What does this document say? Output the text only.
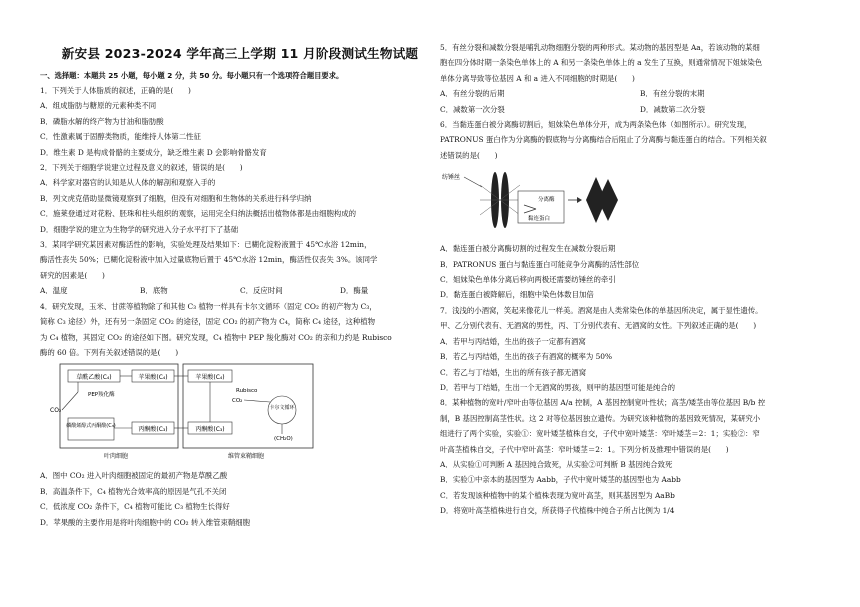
新安县 2023-2024 学年高三上学期 11 月阶段测试生物试题
一、选择题：本题共 25 小题，每小题 2 分，共 50 分。每小题只有一个选项符合题目要求。

1．下列关于人体脂质的叙述，正确的是(　　)

A．组成脂肪与糖原的元素种类不同

B．磷脂水解的终产物为甘油和脂肪酸

C．性激素属于固醇类物质，能维持人体第二性征

D．维生素 D 是构成骨骼的主要成分，缺乏维生素 D 会影响骨骼发育

2．下列关于细胞学说建立过程及意义的叙述，错误的是(　　)

A．科学家对器官的认知是从人体的解剖和观察入手的

B．列文虎克借助显微镜观察到了细胞，但没有对细胞和生物体的关系进行科学归纳

C．施莱登通过对花粉、胚珠和柱头组织的观察，运用完全归纳法概括出植物体都是由细胞构成的

D．细胞学说的建立为生物学的研究进入分子水平打下了基础

3．某同学研究某因素对酶活性的影响，实验处理及结果如下：已糊化淀粉液置于 45℃水浴 12min，

酶活性丧失 50%；已糊化淀粉液中加入过量底物后置于 45℃水浴 12min，酶活性仅丧失 3%。该同学

研究的因素是(　　)

A．温度	B．底物	C．反应时间	D．酶量

4．研究发现，玉米、甘蔗等植物除了和其他 C₃ 植物一样具有卡尔文循环（固定 CO₂ 的初产物为 C₃，

简称 C₃ 途径）外，还有另一条固定 CO₂ 的途径，固定 CO₂ 的初产物为 C₄，简称 C₄ 途径，这种植物

为 C₄ 植物，其固定 CO₂ 的途径如下图。研究发现，C₄ 植物中 PEP 羧化酶对 CO₂ 的亲和力约是 Rubisco

酶的 60 倍。下列有关叙述错误的是(　　)

草酰乙酸(C₄)	苹果酸(C₄)	苹果酸(C₄)
PEP羧化酶
CO₂
磷酸烯醇式丙酮酸(C₃)	丙酮酸(C₃)	丙酮酸(C₃)
Rubisco
CO₂
卡尔文循环
(CH₂O)
叶肉细胞	维管束鞘细胞

A．图中 CO₂ 进入叶肉细胞被固定的最初产物是草酰乙酸

B．高温条件下，C₄ 植物光合效率高的原因是气孔不关闭

C．低浓度 CO₂ 条件下，C₄ 植物可能比 C₃ 植物生长得好

D．苹果酸的主要作用是将叶肉细胞中的 CO₂ 转入维管束鞘细胞

5．有丝分裂和减数分裂是哺乳动物细胞分裂的两种形式。某动物的基因型是 Aa，若该动物的某细

胞在四分体时期一条染色单体上的 A 和另一条染色单体上的 a 发生了互换，则通常情况下姐妹染色

单体分离导致等位基因 A 和 a 进入不同细胞的时期是(　　)

A．有丝分裂的后期	B．有丝分裂的末期

C．减数第一次分裂	D．减数第二次分裂

6．当黏连蛋白被分离酶切割后，姐妹染色单体分开，成为两条染色体（如图所示）。研究发现，

PATRONUS 蛋白作为分离酶的假底物与分离酶结合后阻止了分离酶与黏连蛋白的结合。下列相关叙

述错误的是(　　)

纺锤丝
分离酶
黏连蛋白

A．黏连蛋白被分离酶切割的过程发生在减数分裂后期

B．PATRONUS 蛋白与黏连蛋白可能竞争分离酶的活性部位

C．姐妹染色单体分离后移向两极还需要纺锤丝的牵引

D．黏连蛋白被降解后，细胞中染色体数目加倍

7．浅浅的小酒窝，笑起来像花儿一样美。酒窝是由人类常染色体的单基因所决定，属于显性遗传。

甲、乙分别代表有、无酒窝的男性，丙、丁分别代表有、无酒窝的女性。下列叙述正确的是(　　)

A．若甲与丙结婚，生出的孩子一定都有酒窝

B．若乙与丙结婚，生出的孩子有酒窝的概率为 50%

C．若乙与丁结婚，生出的所有孩子都无酒窝

D．若甲与丁结婚，生出一个无酒窝的男孩，则甲的基因型可能是纯合的

8．某种植物的宽叶/窄叶由等位基因 A/a 控制，A 基因控制宽叶性状；高茎/矮茎由等位基因 B/b 控

制，B 基因控制高茎性状。这 2 对等位基因独立遗传。为研究该种植物的基因致死情况，某研究小

组进行了两个实验，实验①：宽叶矮茎植株自交，子代中宽叶矮茎：窄叶矮茎＝2：1；实验②：窄

叶高茎植株自交，子代中窄叶高茎：窄叶矮茎＝2：1。下列分析及推理中错误的是(　　)

A．从实验①可判断 A 基因纯合致死，从实验②可判断 B 基因纯合致死

B．实验①中亲本的基因型为 Aabb，子代中宽叶矮茎的基因型也为 Aabb

C．若发现该种植物中的某个植株表现为宽叶高茎，则其基因型为 AaBb

D．将宽叶高茎植株进行自交，所获得子代植株中纯合子所占比例为 1/4
